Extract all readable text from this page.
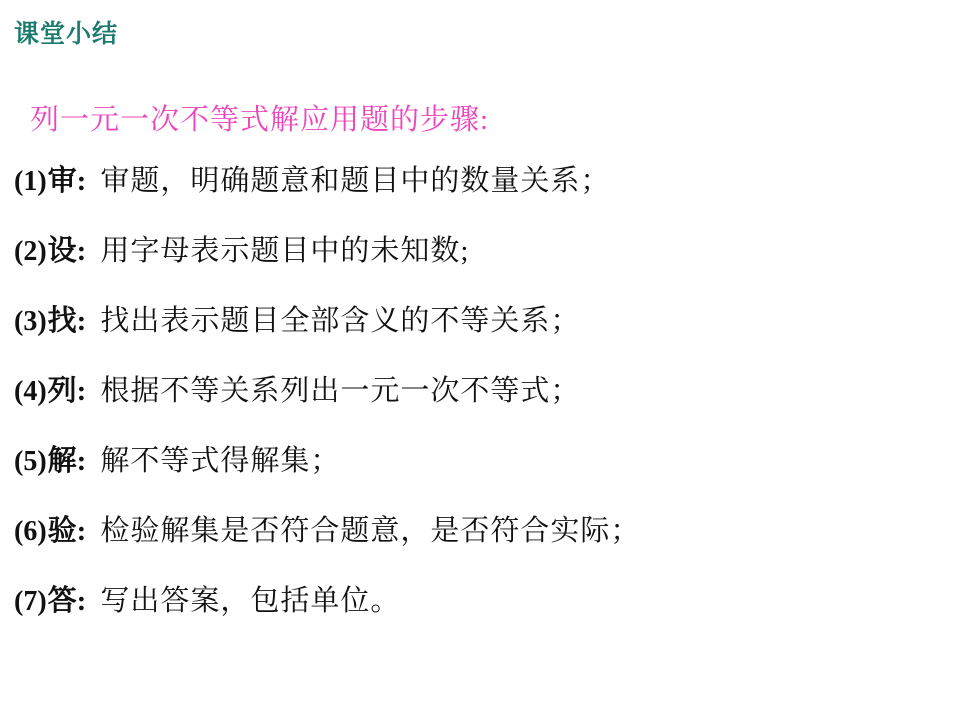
课堂小结
列一元一次不等式解应用题的步骤:
(1) 审 : 审题，明确题意和题目中的数量关系；
(2) 设 : 用字母表示题目中的未知数;
(3) 找 : 找出表示题目全部含义的不等关系；
(4) 列 : 根据不等关系列出一元一次不等式；
(5) 解 : 解不等式得解集；
(6) 验 : 检验解集是否符合题意，是否符合实际；
(7) 答 : 写出答案，包括单位。
